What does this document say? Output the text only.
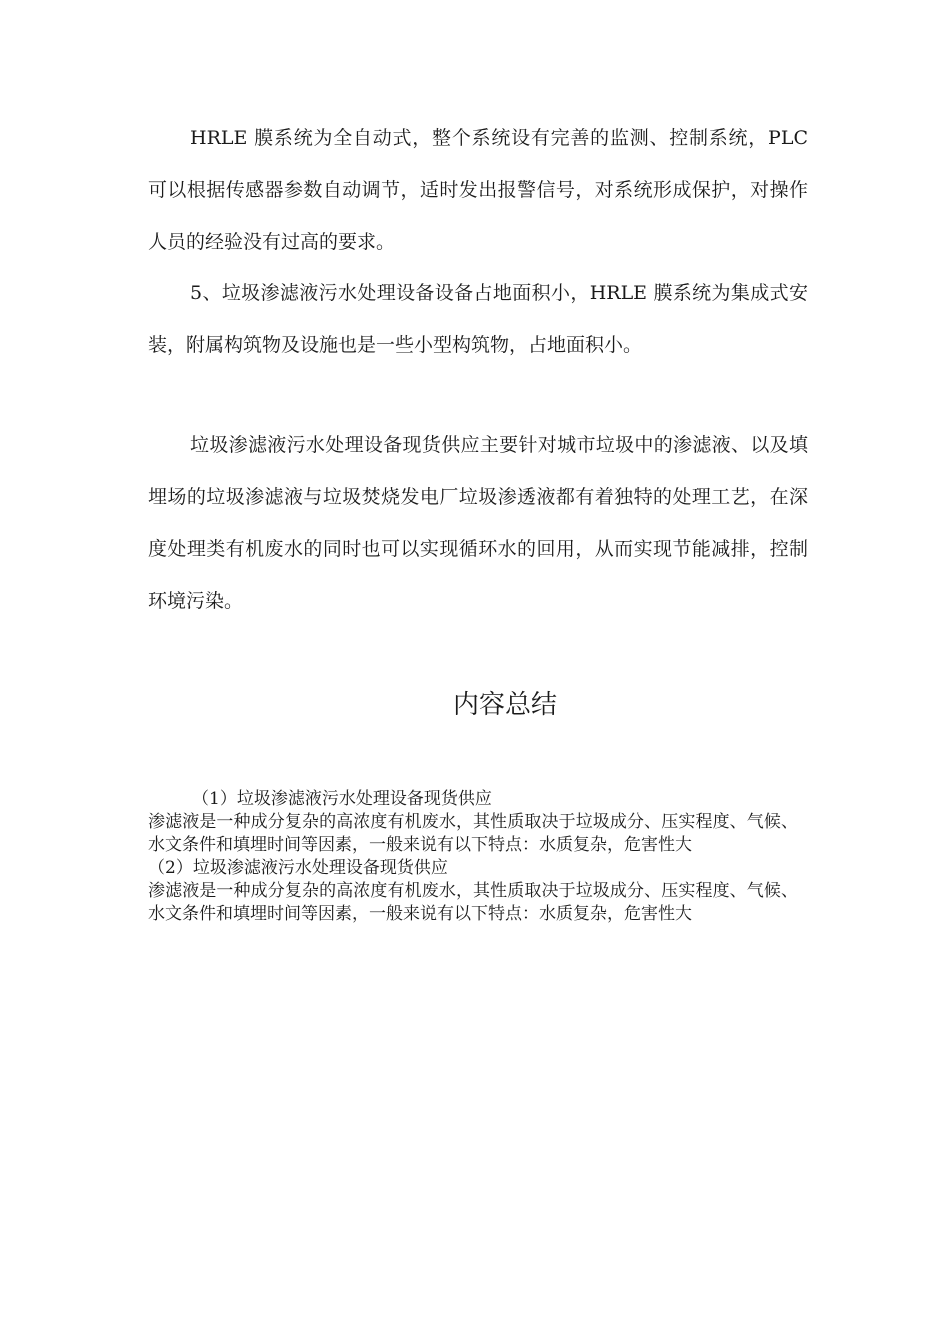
HRLE 膜系统为全自动式，整个系统设有完善的监测、控制系统，PLC 可以根据传感器参数自动调节，适时发出报警信号，对系统形成保护，对操作人员的经验没有过高的要求。

5、垃圾渗滤液污水处理设备设备占地面积小，HRLE 膜系统为集成式安装，附属构筑物及设施也是一些小型构筑物，占地面积小。

垃圾渗滤液污水处理设备现货供应主要针对城市垃圾中的渗滤液、以及填埋场的垃圾渗滤液与垃圾焚烧发电厂垃圾渗透液都有着独特的处理工艺，在深度处理类有机废水的同时也可以实现循环水的回用，从而实现节能减排，控制环境污染。

内容总结

（1）垃圾渗滤液污水处理设备现货供应

渗滤液是一种成分复杂的高浓度有机废水，其性质取决于垃圾成分、压实程度、气候、水文条件和填埋时间等因素，一般来说有以下特点：水质复杂，危害性大

（2）垃圾渗滤液污水处理设备现货供应

渗滤液是一种成分复杂的高浓度有机废水，其性质取决于垃圾成分、压实程度、气候、水文条件和填埋时间等因素，一般来说有以下特点：水质复杂，危害性大
